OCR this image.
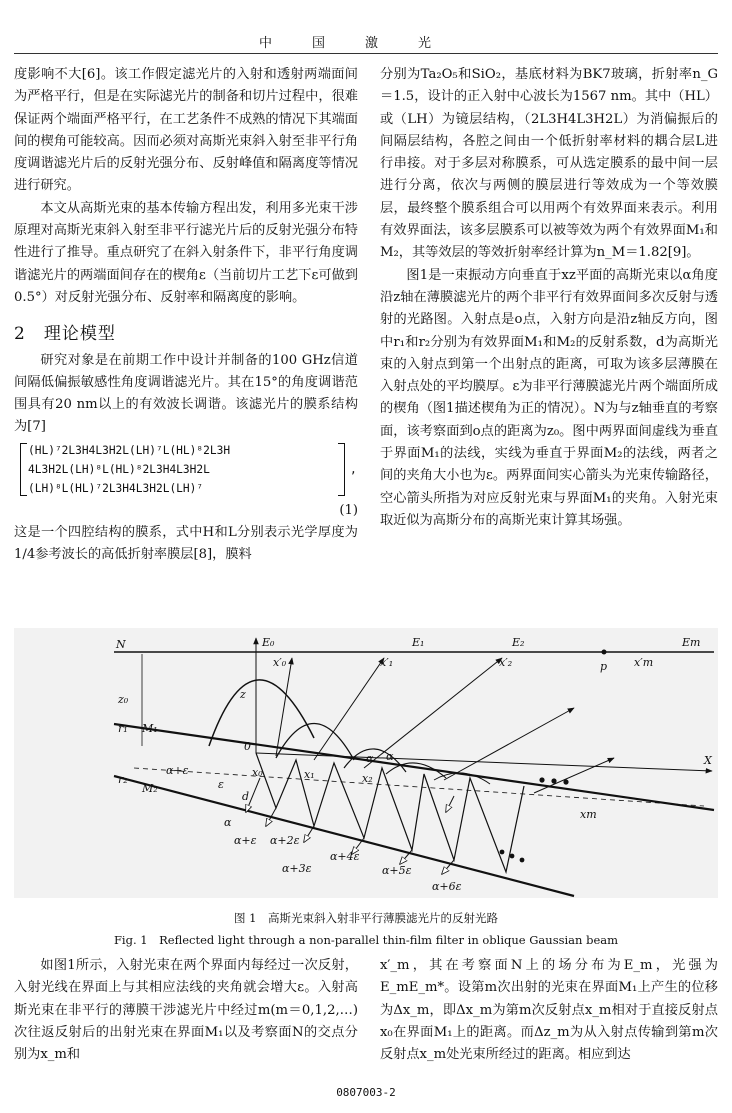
中国激光

度影响不大[6]。该工作假定滤光片的入射和透射两端面间为严格平行，但是在实际滤光片的制备和切片过程中，很难保证两个端面严格平行，在工艺条件不成熟的情况下其端面间的楔角可能较高。因而必须对高斯光束斜入射至非平行角度调谐滤光片后的反射光强分布、反射峰值和隔离度等情况进行研究。

本文从高斯光束的基本传输方程出发，利用多光束干涉原理对高斯光束斜入射至非平行滤光片后的反射光强分布特性进行了推导。重点研究了在斜入射条件下，非平行角度调谐滤光片的两端面间存在的楔角ε（当前切片工艺下ε可做到0.5°）对反射光强分布、反射率和隔离度的影响。

2　理论模型

研究对象是在前期工作中设计并制备的100 GHz信道间隔低偏振敏感性角度调谐滤光片。其在15°的角度调谐范围具有20 nm以上的有效波长调谐。该滤光片的膜系结构为[7]

(HL)⁷2L3H4L3H2L(LH)⁷L(HL)⁸2L3H
4L3H2L(LH)⁸L(HL)⁸2L3H4L3H2L
(LH)⁸L(HL)⁷2L3H4L3H2L(LH)⁷
,

(1)

这是一个四腔结构的膜系，式中H和L分别表示光学厚度为1/4参考波长的高低折射率膜层[8]，膜料

分别为Ta₂O₅和SiO₂，基底材料为BK7玻璃，折射率n_G＝1.5，设计的正入射中心波长为1567 nm。其中（HL）或（LH）为镜层结构，（2L3H4L3H2L）为消偏振后的间隔层结构，各腔之间由一个低折射率材料的耦合层L进行串接。对于多层对称膜系，可从选定膜系的最中间一层进行分离，依次与两侧的膜层进行等效成为一个等效膜层，最终整个膜系组合可以用两个有效界面来表示。利用有效界面法，该多层膜系可以被等效为两个有效界面M₁和M₂，其等效层的等效折射率经计算为n_M＝1.82[9]。

图1是一束振动方向垂直于xz平面的高斯光束以α角度沿z轴在薄膜滤光片的两个非平行有效界面间多次反射与透射的光路图。入射点是o点，入射方向是沿z轴反方向，图中r₁和r₂分别为有效界面M₁和M₂的反射系数，d为高斯光束的入射点到第一个出射点的距离，可取为该多层薄膜在入射点处的平均膜厚。ε为非平行薄膜滤光片两个端面所成的楔角（图1描述楔角为正的情况）。N为与z轴垂直的考察面，该考察面到o点的距离为z₀。图中两界面间虚线为垂直于界面M₁的法线，实线为垂直于界面M₂的法线，两者之间的夹角大小也为ε。两界面间实心箭头为光束传输路径，空心箭头所指为对应反射光束与界面M₁的夹角。入射光束取近似为高斯分布的高斯光束计算其场强。

N
z₀
E₀	E₁	E₂	Em
x′₀	x′₁	x′₂	x′m
p
X
0
r₁ M₁
r₂
M₂
α+ε
ε
d
z
α
x₀	x₁	x₂
xm
α
α
α+ε α+2ε
α+3ε
α+4ε
α+5ε
α+6ε
图 1　高斯光束斜入射非平行薄膜滤光片的反射光路
Fig. 1　Reflected light through a non-parallel thin-film filter in oblique Gaussian beam

如图1所示，入射光束在两个界面内每经过一次反射，入射光线在界面上与其相应法线的夹角就会增大ε。入射高斯光束在非平行的薄膜干涉滤光片中经过m(m＝0,1,2,…)次往返反射后的出射光束在界面M₁以及考察面N的交点分别为x_m和

x′_m，其在考察面N上的场分布为E_m，光强为E_mE_m*。设第m次出射的光束在界面M₁上产生的位移为Δx_m，即Δx_m为第m次反射点x_m相对于直接反射点x₀在界面M₁上的距离。而Δz_m为从入射点传输到第m次反射点x_m处光束所经过的距离。相应到达

0807003-2
